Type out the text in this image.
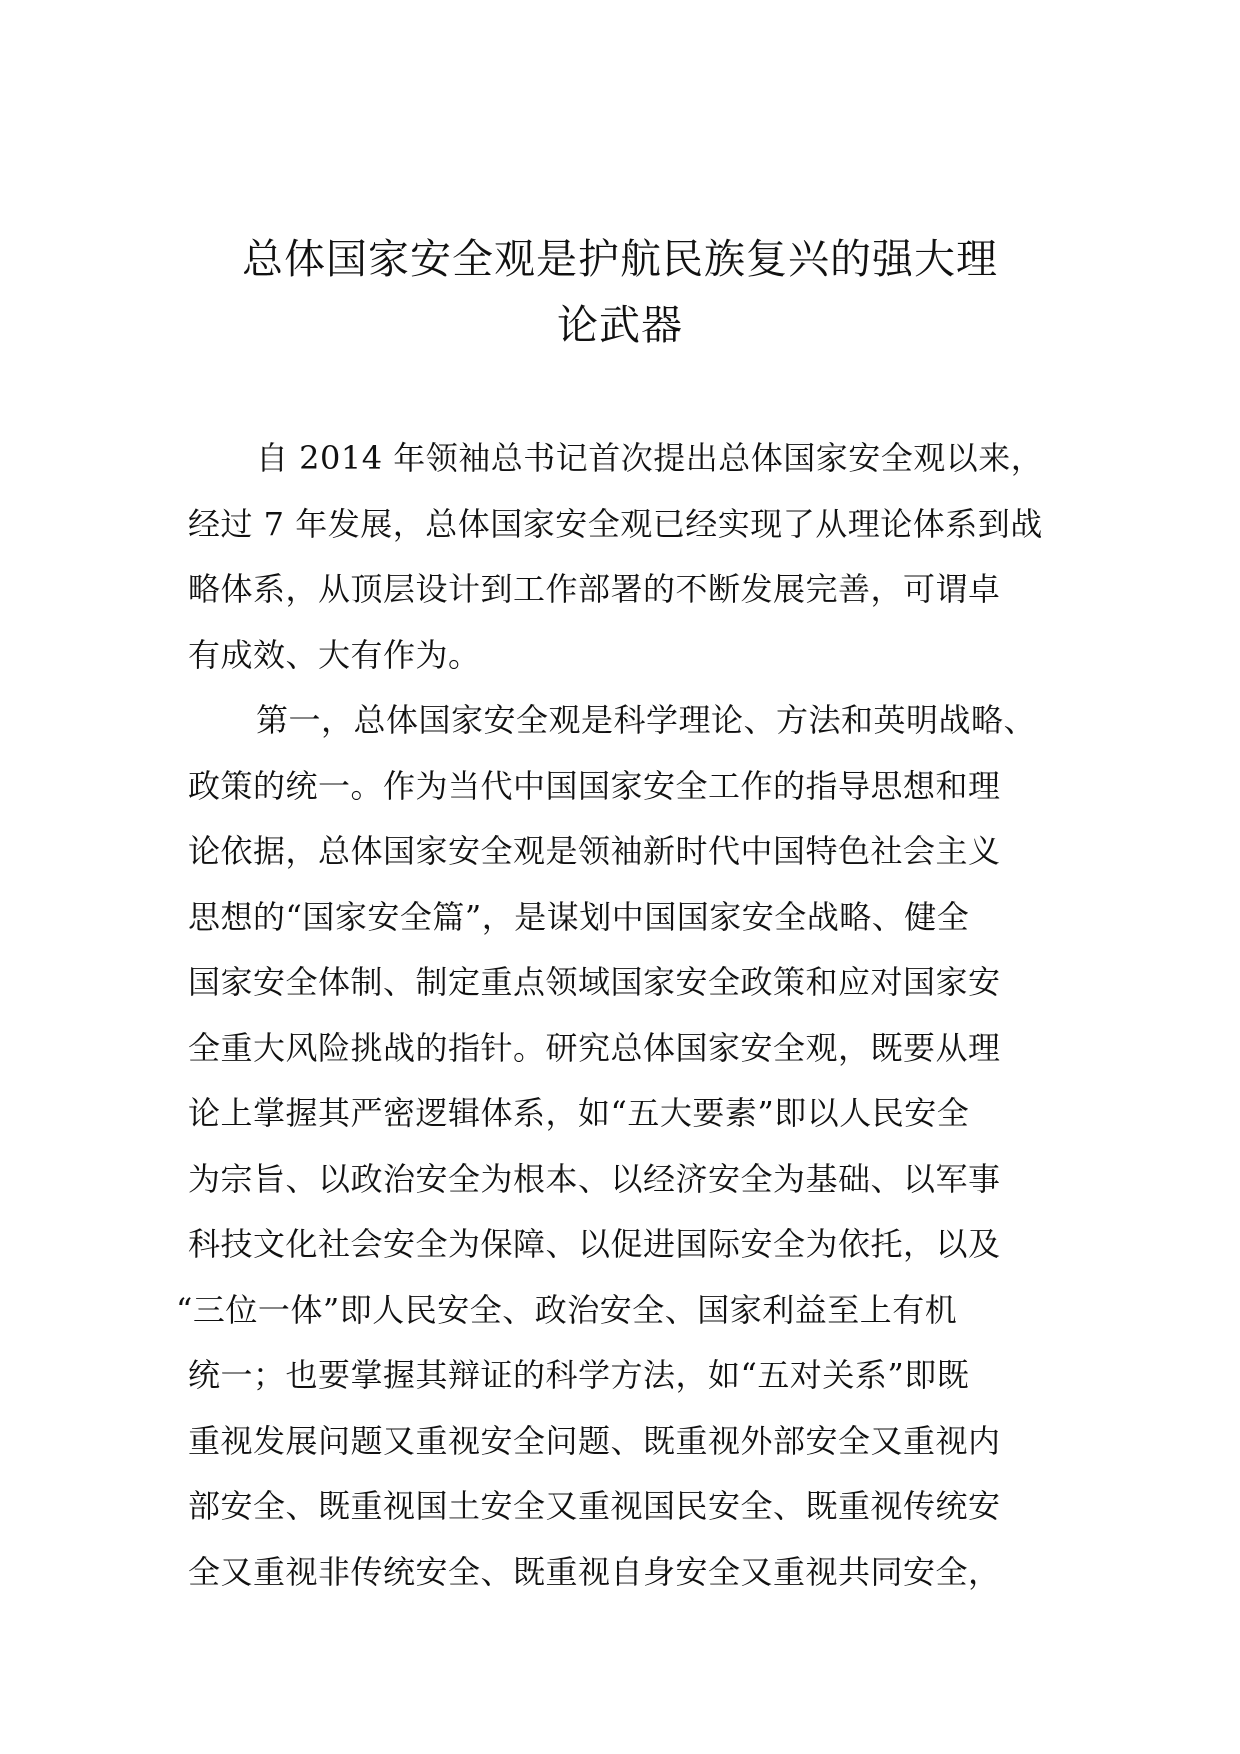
总体国家安全观是护航民族复兴的强大理
论武器
自 2014 年领袖总书记首次提出总体国家安全观以来，
经过 7 年发展，总体国家安全观已经实现了从理论体系到战
略体系，从顶层设计到工作部署的不断发展完善，可谓卓
有成效、大有作为。
第一，总体国家安全观是科学理论、方法和英明战略、
政策的统一。作为当代中国国家安全工作的指导思想和理
论依据，总体国家安全观是领袖新时代中国特色社会主义
思想的“国家安全篇”，是谋划中国国家安全战略、健全
国家安全体制、制定重点领域国家安全政策和应对国家安
全重大风险挑战的指针。研究总体国家安全观，既要从理
论上掌握其严密逻辑体系，如“五大要素”即以人民安全
为宗旨、以政治安全为根本、以经济安全为基础、以军事
科技文化社会安全为保障、以促进国际安全为依托，以及
“三位一体”即人民安全、政治安全、国家利益至上有机
统一；也要掌握其辩证的科学方法，如“五对关系”即既
重视发展问题又重视安全问题、既重视外部安全又重视内
部安全、既重视国土安全又重视国民安全、既重视传统安
全又重视非传统安全、既重视自身安全又重视共同安全，
